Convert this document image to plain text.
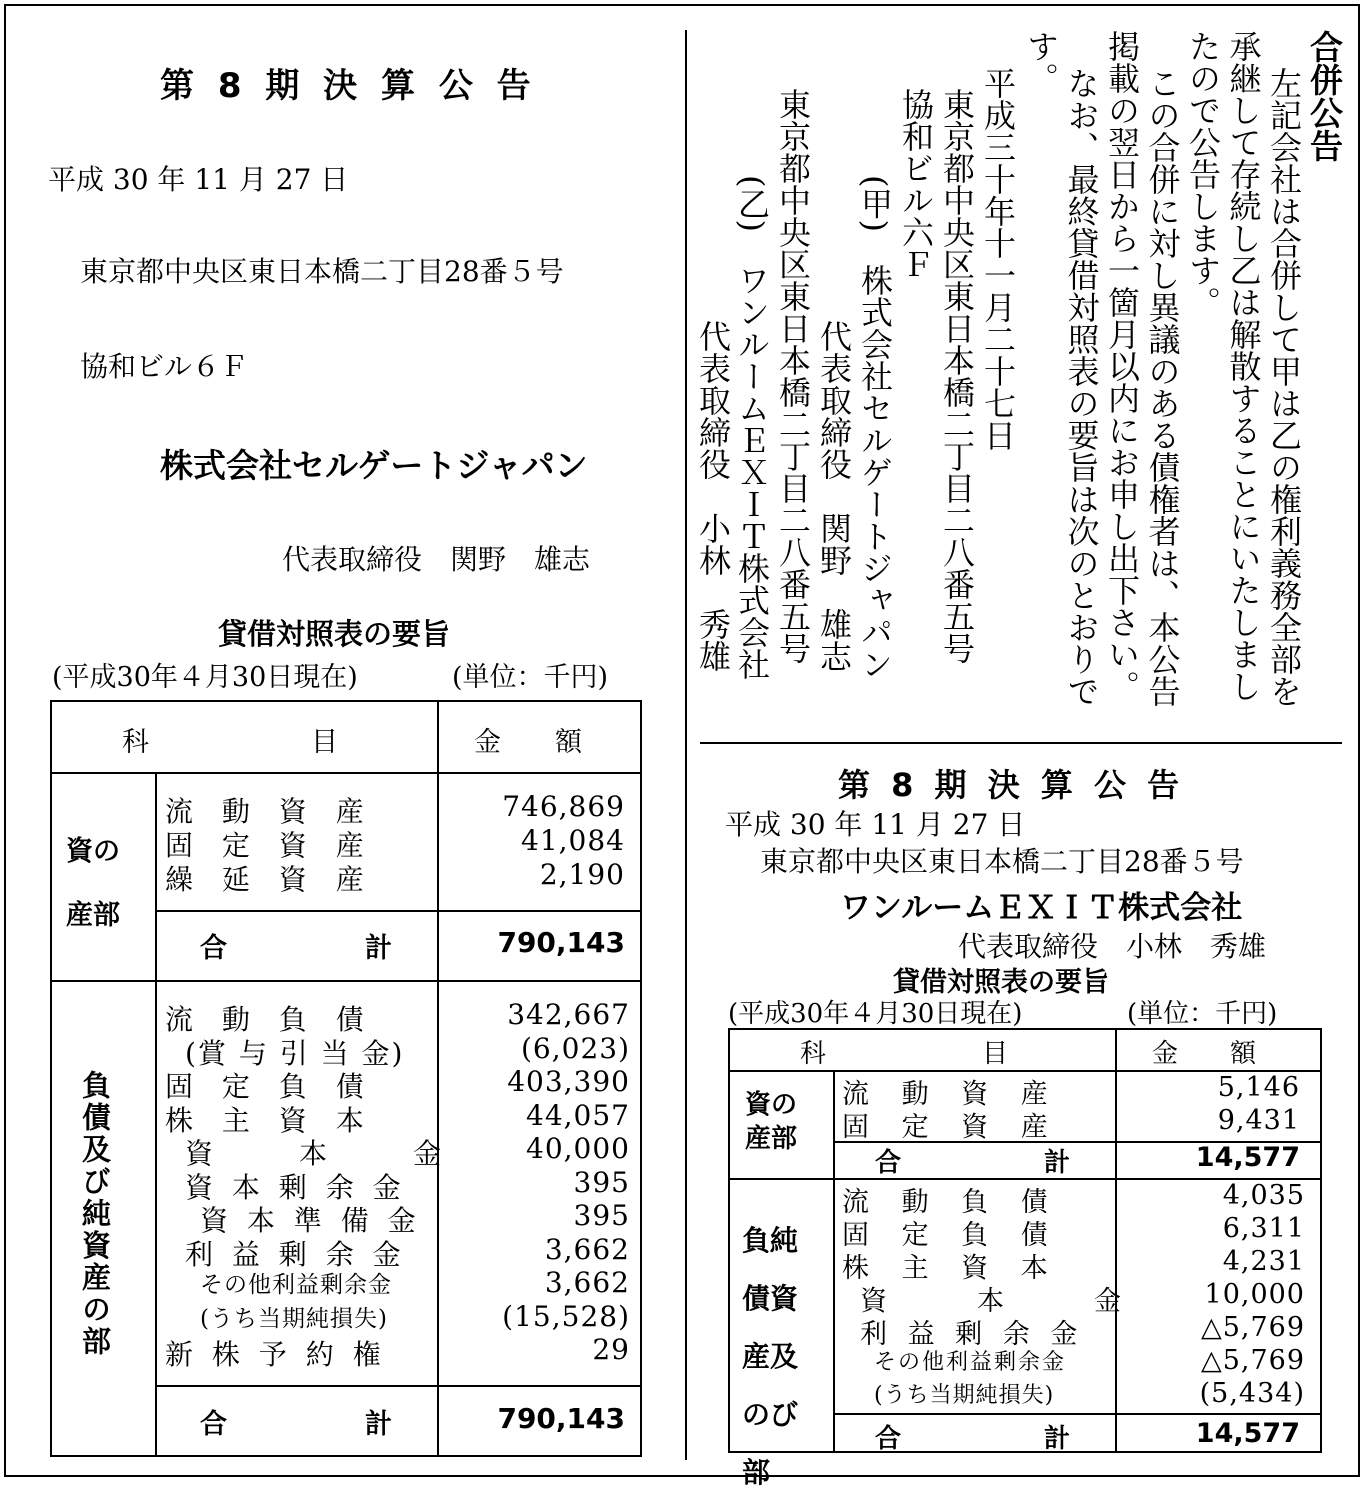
第 8 期 決 算 公 告
平成 30 年 11 月 27 日
東京都中央区東日本橋二丁目28番５号
協和ビル６Ｆ
株式会社セルゲートジャパン
代表取締役　関野　雄志
貸借対照表の要旨
(平成30年４月30日現在)	(単位：千円)
科　　　　　　目	金　　額
資の産部
流 動 資 産	746,869
固 定 資 産	41,084
繰 延 資 産	2,190
合	計	790,143
負債及び純資産の部
流 動 負 債	342,667
(賞 与 引 当 金)	(6,023)
固 定 負 債	403,390
株 主 資 本	44,057
資　　本　　金	40,000
資 本 剰 余 金	395
資 本 準 備 金	395
利 益 剰 余 金	3,662
その他利益剰余金	3,662
(うち当期純損失)	(15,528)
新 株 予 約 権	29
合	計	790,143
合併公告
左記会社は合併して甲は乙の権利義務全部を
承継して存続し乙は解散することにいたしまし
たので公告します。
この合併に対し異議のある債権者は、本公告
掲載の翌日から一箇月以内にお申し出下さい。
なお、最終貸借対照表の要旨は次のとおりで
す。
平成三十年十一月二十七日
東京都中央区東日本橋二丁目二八番五号
協和ビル六Ｆ
(甲)　株式会社セルゲートジャパン
代表取締役　関野　雄志
東京都中央区東日本橋二丁目二八番五号
(乙)　ワンルームＥＸＩＴ株式会社
代表取締役　小林　秀雄
第 8 期 決 算 公 告
平成 30 年 11 月 27 日
東京都中央区東日本橋二丁目28番５号
ワンルームＥＸＩＴ株式会社
代表取締役　小林　秀雄
貸借対照表の要旨
(平成30年４月30日現在)	(単位：千円)
科　　　　　　目	金　　額
資の産部
流 動 資 産	5,146
固 定 資 産	9,431
合	計	14,577
負純債資産及のび部
流 動 負 債	4,035
固 定 負 債	6,311
株 主 資 本	4,231
資　　本　　金	10,000
利 益 剰 余 金	△5,769
その他利益剰余金	△5,769
(うち当期純損失)	(5,434)
合	計	14,577
